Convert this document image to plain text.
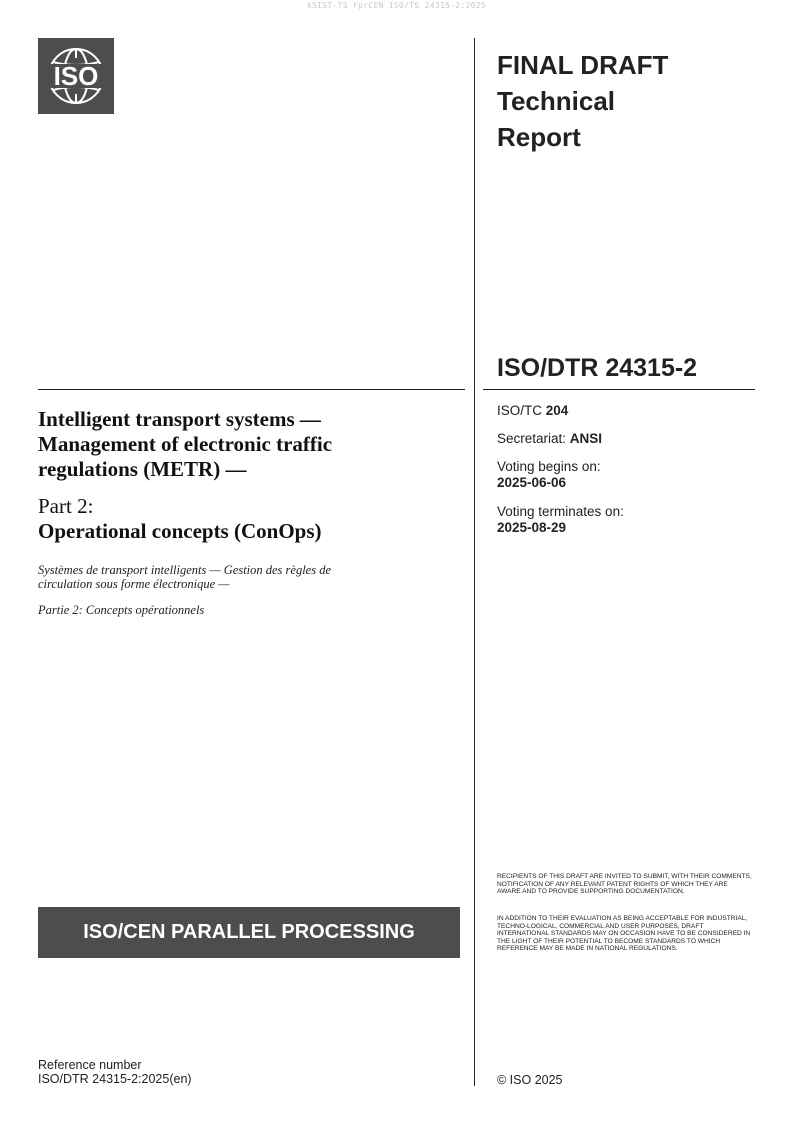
kSIST-TS FprCEN ISO/TS 24315-2:2025
ISO	FINAL DRAFT
Technical
Report
ISO/DTR 24315-2
Intelligent transport systems —
Management of electronic traffic
regulations (METR) —
Part 2:
Operational concepts (ConOps)
Systèmes de transport intelligents — Gestion des règles de
circulation sous forme électronique —
Partie 2: Concepts opérationnels
ISO/TC 204
Secretariat: ANSI
Voting begins on:
2025-06-06
Voting terminates on:
2025-08-29
RECIPIENTS OF THIS DRAFT ARE INVITED TO SUBMIT, WITH THEIR COMMENTS, NOTIFICATION OF ANY RELEVANT PATENT RIGHTS OF WHICH THEY ARE AWARE AND TO PROVIDE SUPPORTING DOCUMENTATION.
IN ADDITION TO THEIR EVALUATION AS BEING ACCEPTABLE FOR INDUSTRIAL, TECHNO-LOGICAL, COMMERCIAL AND USER PURPOSES, DRAFT INTERNATIONAL STANDARDS MAY ON OCCASION HAVE TO BE CONSIDERED IN THE LIGHT OF THEIR POTENTIAL TO BECOME STANDARDS TO WHICH REFERENCE MAY BE MADE IN NATIONAL REGULATIONS.
ISO/CEN PARALLEL PROCESSING
Reference number
ISO/DTR 24315-2:2025(en)	© ISO 2025
